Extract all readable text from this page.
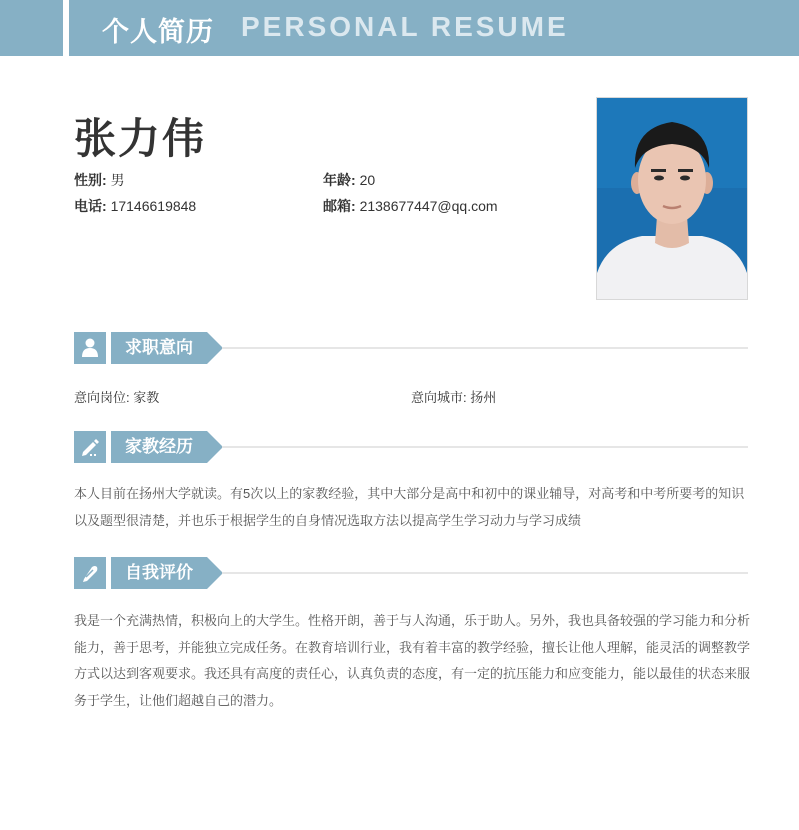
个人简历 PERSONAL RESUME
张力伟
性别: 男	年龄: 20
电话: 17146619848	邮箱: 2138677447@qq.com
求职意向
意向岗位: 家教	意向城市: 扬州
家教经历

本人目前在扬州大学就读。有5次以上的家教经验，其中大部分是高中和初中的课业辅导，对高考和中考所要考的知识以及题型很清楚，并也乐于根据学生的自身情况选取方法以提高学生学习动力与学习成绩

自我评价

我是一个充满热情，积极向上的大学生。性格开朗，善于与人沟通，乐于助人。另外，我也具备较强的学习能力和分析能力，善于思考，并能独立完成任务。在教育培训行业，我有着丰富的教学经验，擅长让他人理解，能灵活的调整教学方式以达到客观要求。我还具有高度的责任心，认真负责的态度，有一定的抗压能力和应变能力，能以最佳的状态来服务于学生，让他们超越自己的潜力。
